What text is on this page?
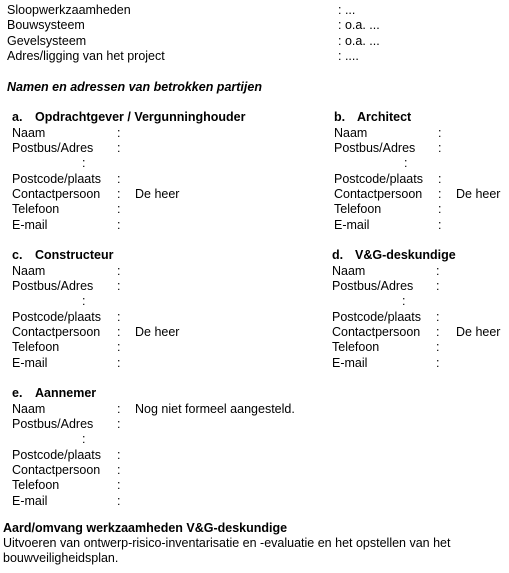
Sloopwerkzaamheden	: ...
Bouwsysteem	: o.a. ...
Gevelsysteem	: o.a. ...
Adres/ligging van het project	: ....
Namen en adressen van betrokken partijen
a. Opdrachtgever / Vergunninghouder
Naam	:
Postbus/Adres :
:
Postcode/plaats :
Contactpersoon : De heer
Telefoon	:
E-mail	:
b. Architect
Naam	:
Postbus/Adres :
:
Postcode/plaats :
Contactpersoon : De heer
Telefoon	:
E-mail	:
c. Constructeur
Naam	:
Postbus/Adres :
:
Postcode/plaats :
Contactpersoon : De heer
Telefoon	:
E-mail	:
d. V&G-deskundige
Naam	:
Postbus/Adres :
:
Postcode/plaats :
Contactpersoon : De heer
Telefoon	:
E-mail	:
e. Aannemer
Naam	: Nog niet formeel aangesteld.
Postbus/Adres :
:
Postcode/plaats :
Contactpersoon :
Telefoon	:
E-mail	:
Aard/omvang werkzaamheden V&G-deskundige
Uitvoeren van ontwerp-risico-inventarisatie en -evaluatie en het opstellen van het bouwveiligheidsplan.
